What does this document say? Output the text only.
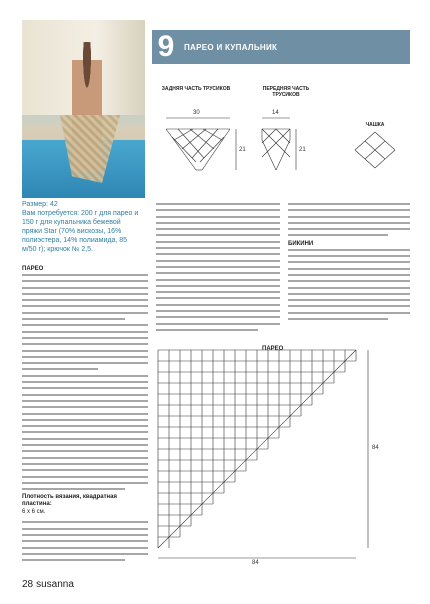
9 ПАРЕО И КУПАЛЬНИК
ЗАДНЯЯ ЧАСТЬ ТРУСИКОВ	ПЕРЕДНЯЯ ЧАСТЬ ТРУСИКОВ
ЧАШКА
30
21
14
21

Размер: 42

Вам потребуется: 200 г для парео и 150 г для купальника бежевой пряжи Star (70% вискозы, 16% полиэстера, 14% полиамида, 85 м/50 г); крючок № 2,5.

ПАРЕО

Плотность вязания, квадратная пластина:

6 x 6 см.

БИКИНИ

ПАРЕО
84
84
28 susanna
